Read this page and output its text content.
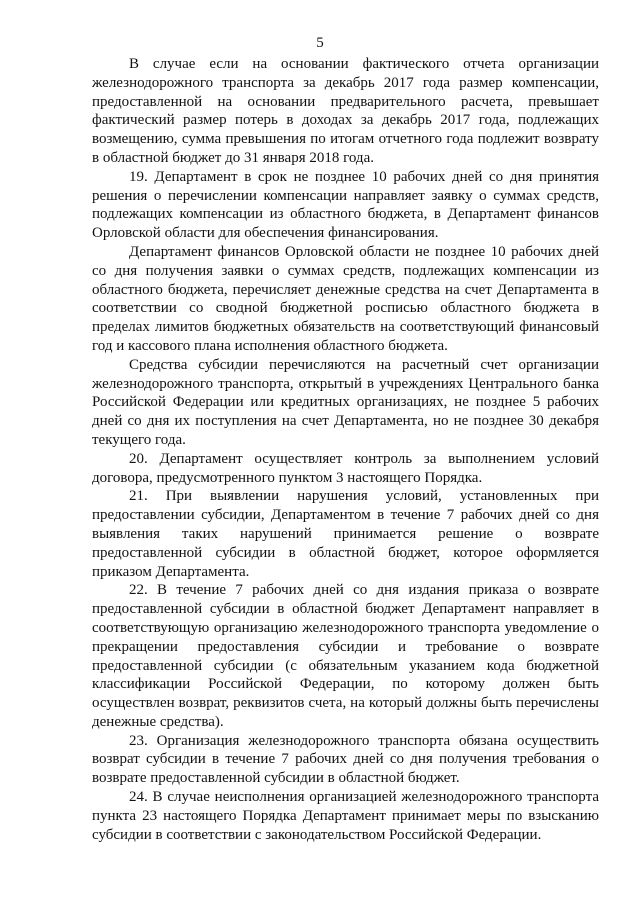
5

В случае если на основании фактического отчета организации железнодорожного транспорта за декабрь 2017 года размер компенсации, предоставленной на основании предварительного расчета, превышает фактический размер потерь в доходах за декабрь 2017 года, подлежащих возмещению, сумма превышения по итогам отчетного года подлежит возврату в областной бюджет до 31 января 2018 года.

19. Департамент в срок не позднее 10 рабочих дней со дня принятия решения о перечислении компенсации направляет заявку о суммах средств, подлежащих компенсации из областного бюджета, в Департамент финансов Орловской области для обеспечения финансирования.

Департамент финансов Орловской области не позднее 10 рабочих дней со дня получения заявки о суммах средств, подлежащих компенсации из областного бюджета, перечисляет денежные средства на счет Департамента в соответствии со сводной бюджетной росписью областного бюджета в пределах лимитов бюджетных обязательств на соответствующий финансовый год и кассового плана исполнения областного бюджета.

Средства субсидии перечисляются на расчетный счет организации железнодорожного транспорта, открытый в учреждениях Центрального банка Российской Федерации или кредитных организациях, не позднее 5 рабочих дней со дня их поступления на счет Департамента, но не позднее 30 декабря текущего года.

20. Департамент осуществляет контроль за выполнением условий договора, предусмотренного пунктом 3 настоящего Порядка.

21. При выявлении нарушения условий, установленных при предоставлении субсидии, Департаментом в течение 7 рабочих дней со дня выявления таких нарушений принимается решение о возврате предоставленной субсидии в областной бюджет, которое оформляется приказом Департамента.

22. В течение 7 рабочих дней со дня издания приказа о возврате предоставленной субсидии в областной бюджет Департамент направляет в соответствующую организацию железнодорожного транспорта уведомление о прекращении предоставления субсидии и требование о возврате предоставленной субсидии (с обязательным указанием кода бюджетной классификации Российской Федерации, по которому должен быть осуществлен возврат, реквизитов счета, на который должны быть перечислены денежные средства).

23. Организация железнодорожного транспорта обязана осуществить возврат субсидии в течение 7 рабочих дней со дня получения требования о возврате предоставленной субсидии в областной бюджет.

24. В случае неисполнения организацией железнодорожного транспорта пункта 23 настоящего Порядка Департамент принимает меры по взысканию субсидии в соответствии с законодательством Российской Федерации.
